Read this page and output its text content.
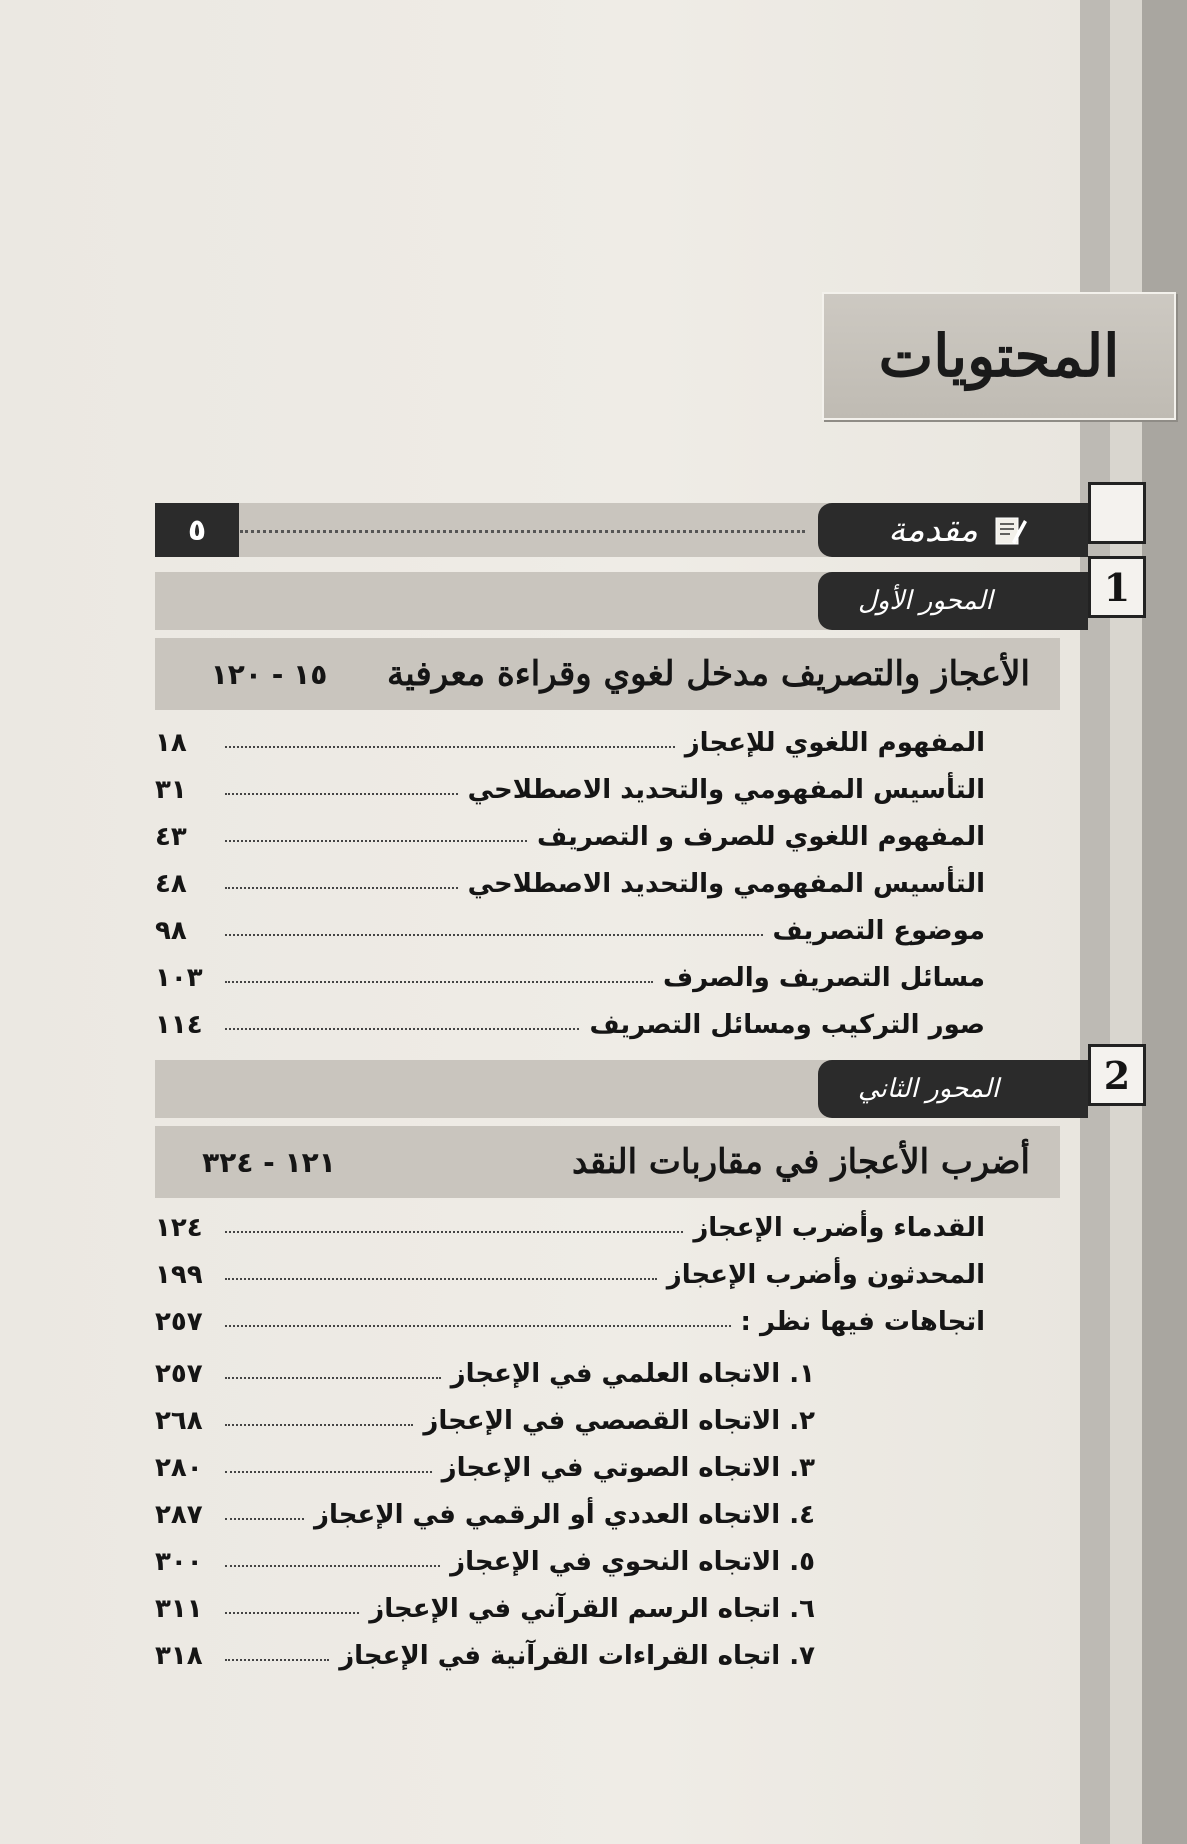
المحتويات
٥	مقدمة
المحور الأول	1
١٥ - ١٢٠	الأعجاز والتصريف مدخل لغوي وقراءة معرفية
١٨	المفهوم اللغوي للإعجاز
٣١	التأسيس المفهومي والتحديد الاصطلاحي
٤٣	المفهوم اللغوي للصرف و التصريف
٤٨	التأسيس المفهومي والتحديد الاصطلاحي
٩٨	موضوع التصريف
١٠٣	مسائل التصريف والصرف
١١٤	صور التركيب ومسائل التصريف
المحور الثاني	2
١٢١ - ٣٢٤	أضرب الأعجاز في مقاربات النقد
١٢٤	القدماء وأضرب الإعجاز
١٩٩	المحدثون وأضرب الإعجاز
٢٥٧	اتجاهات فيها نظر :
٢٥٧	١. الاتجاه العلمي في الإعجاز
٢٦٨	٢. الاتجاه القصصي في الإعجاز
٢٨٠	٣. الاتجاه الصوتي في الإعجاز
٢٨٧	٤. الاتجاه العددي أو الرقمي في الإعجاز
٣٠٠	٥. الاتجاه النحوي في الإعجاز
٣١١	٦. اتجاه الرسم القرآني في الإعجاز
٣١٨	٧. اتجاه القراءات القرآنية في الإعجاز
